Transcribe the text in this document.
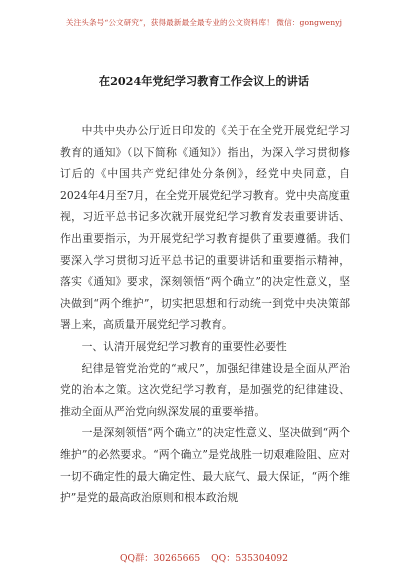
关注头条号“公文研究”，获得最新最全最专业的公文资料库！ 微信：gongwenyj
在2024年党纪学习教育工作会议上的讲话

中共中央办公厅近日印发的《关于在全党开展党纪学习教育的通知》（以下简称《通知》）指出，为深入学习贯彻修订后的《中国共产党纪律处分条例》，经党中央同意，自2024年4月至7月，在全党开展党纪学习教育。党中央高度重视，习近平总书记多次就开展党纪学习教育发表重要讲话、作出重要指示，为开展党纪学习教育提供了重要遵循。我们要深入学习贯彻习近平总书记的重要讲话和重要指示精神，落实《通知》要求，深刻领悟“两个确立”的决定性意义，坚决做到“两个维护”，切实把思想和行动统一到党中央决策部署上来，高质量开展党纪学习教育。

一、认清开展党纪学习教育的重要性必要性

纪律是管党治党的“戒尺”，加强纪律建设是全面从严治党的治本之策。这次党纪学习教育，是加强党的纪律建设、推动全面从严治党向纵深发展的重要举措。

一是深刻领悟“两个确立”的决定性意义、坚决做到“两个维护”的必然要求。“两个确立”是党战胜一切艰难险阻、应对一切不确定性的最大确定性、最大底气、最大保证，“两个维护”是党的最高政治原则和根本政治规

QQ群：30265665 QQ：535304092
